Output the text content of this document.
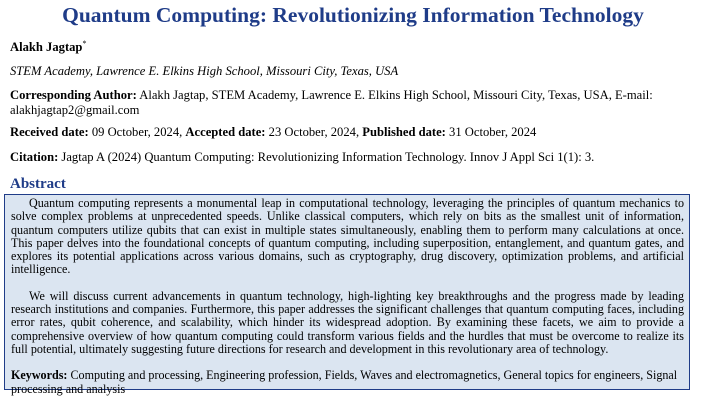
Quantum Computing: Revolutionizing Information Technology
Alakh Jagtap*
STEM Academy, Lawrence E. Elkins High School, Missouri City, Texas, USA
Corresponding Author: Alakh Jagtap, STEM Academy, Lawrence E. Elkins High School, Missouri City, Texas, USA, E-mail: alakhjagtap2@gmail.com
Received date: 09 October, 2024, Accepted date: 23 October, 2024, Published date: 31 October, 2024
Citation: Jagtap A (2024) Quantum Computing: Revolutionizing Information Technology. Innov J Appl Sci 1(1): 3.
Abstract

Quantum computing represents a monumental leap in computational technology, leveraging the principles of quantum mechanics to solve complex problems at unprecedented speeds. Unlike classical computers, which rely on bits as the smallest unit of information, quantum computers utilize qubits that can exist in multiple states simultaneously, enabling them to perform many calculations at once. This paper delves into the foundational concepts of quantum computing, including superposition, entanglement, and quantum gates, and explores its potential applications across various domains, such as cryptography, drug discovery, optimization problems, and artificial intelligence.

We will discuss current advancements in quantum technology, high-lighting key breakthroughs and the progress made by leading research institutions and companies. Furthermore, this paper addresses the significant challenges that quantum computing faces, including error rates, qubit coherence, and scalability, which hinder its widespread adoption. By examining these facets, we aim to provide a comprehensive overview of how quantum computing could transform various fields and the hurdles that must be overcome to realize its full potential, ultimately suggesting future directions for research and development in this revolutionary area of technology.

Keywords: Computing and processing, Engineering profession, Fields, Waves and electromagnetics, General topics for engineers, Signal processing and analysis
